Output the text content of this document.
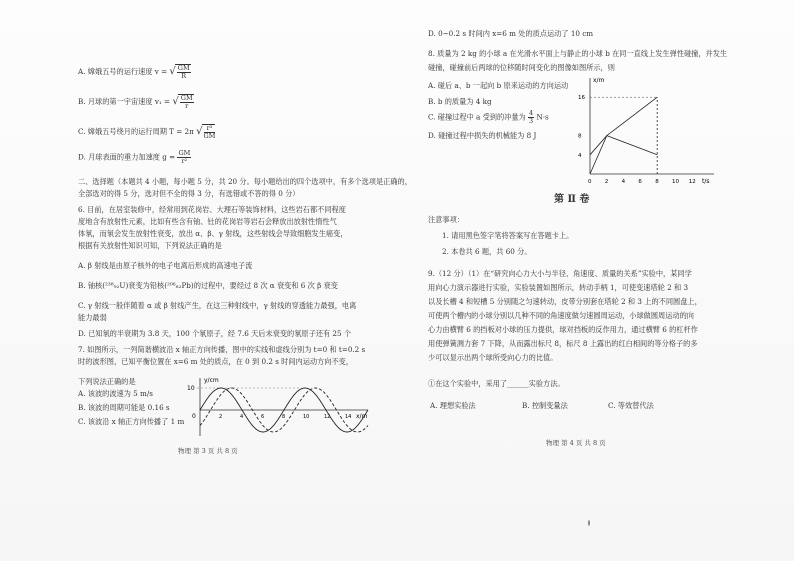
A. 嫦娥五号的运行速度 v = √ $\frac{GM}{R}$
B. 月球的第一宇宙速度 v₁ = √ $\frac{GM}{r}$
C. 嫦娥五号绕月的运行周期 T = 2π √ $\frac{\text{r³}}{GM}$
D. 月球表面的重力加速度 $g = \frac{GM}{\text{r²}}$
二、选择题（本题共 4 小题，每小题 5 分，共 20 分。每小题给出的四个选项中，有多个选项是正确的，
全部选对的得 5 分，选对但不全的得 3 分，有选错或不答的得 0 分）
6. 目前，在居室装修中，经常用到花岗岩、大理石等装饰材料，这些岩石都不同程度
度地含有放射性元素，比如有些含有铀、钍的花岗岩等岩石会释放出放射性惰性气
体氡，而氡会发生放射性衰变，放出 α、β、γ 射线，这些射线会导致细胞发生癌变，
根据有关放射性知识可知，下列说法正确的是
A. β 射线是由原子核外的电子电离后形成的高速电子流
B. 铀核(²³⁸₉₂U)衰变为铅核(²⁰⁶₈₂Pb)的过程中，要经过 8 次 α 衰变和 6 次 β 衰变
C. γ 射线一般伴随着 α 或 β 射线产生，在这三种射线中，γ 射线的穿透能力最强，电离
能力最弱
D. 已知氡的半衰期为 3.8 天，100 个氡原子，经 7.6 天后未衰变的氡原子还有 25 个
7. 如图所示，一列简谐横波沿 x 轴正方向传播，图中的实线和虚线分别为 t=0 和 t=0.2 s
时的波形图，已知平衡位置在 x=6 m 处的质点，在 0 到 0.2 s 时间内运动方向不变，
下列说法正确的是
A. 该波的波速为 5 m/s
B. 该波的周期可能是 0.16 s
C. 该波沿 x 轴正方向传播了 1 m
y/cm
x/m
10
0	2	4	6	8	10	12	14
物理 第 3 页 共 8 页
D. 0~0.2 s 时间内 x=6 m 处的质点运动了 10 cm
8. 质量为 2 kg 的小球 a 在光滑水平面上与静止的小球 b 在同一直线上发生弹性碰撞，并发生
碰撞，碰撞前后两球的位移随时间变化的图像如图所示，则
A. 碰后 a、b 一起向 b 原来运动的方向运动
B. b 的质量为 4 kg
C. 碰撞过程中 a 受到的冲量为 $\frac{4}{3} N\cdot s$
D. 碰撞过程中损失的机械能为 8 J
x/m
t/s
16
8
4
0 2 4 6 8 10 12
第 Ⅱ 卷
注意事项：
1. 请用黑色签字笔将答案写在答题卡上。
2. 本卷共 6 题，共 60 分。
9.（12 分）（1）在“研究向心力大小与半径、角速度、质量的关系”实验中，某同学
用向心力演示器进行实验，实验装置如图所示，转动手柄 1，可使变速塔轮 2 和 3
以及长槽 4 和短槽 5 分别随之匀速转动，皮带分别套在塔轮 2 和 3 上的不同圆盘上，
可使两个槽内的小球分别以几种不同的角速度做匀速圆周运动，小球做圆周运动的向
心力由横臂 6 的挡板对小球的压力提供，球对挡板的反作用力，通过横臂 6 的杠杆作
用使弹簧测力套 7 下降，从而露出标尺 8，标尺 8 上露出的红白相间的等分格子的多
少可以显示出两个球所受向心力的比值。
①在这个实验中，采用了______实验方法。
A. 理想实验法	B. 控制变量法	C. 等效替代法
物理 第 4 页 共 8 页
